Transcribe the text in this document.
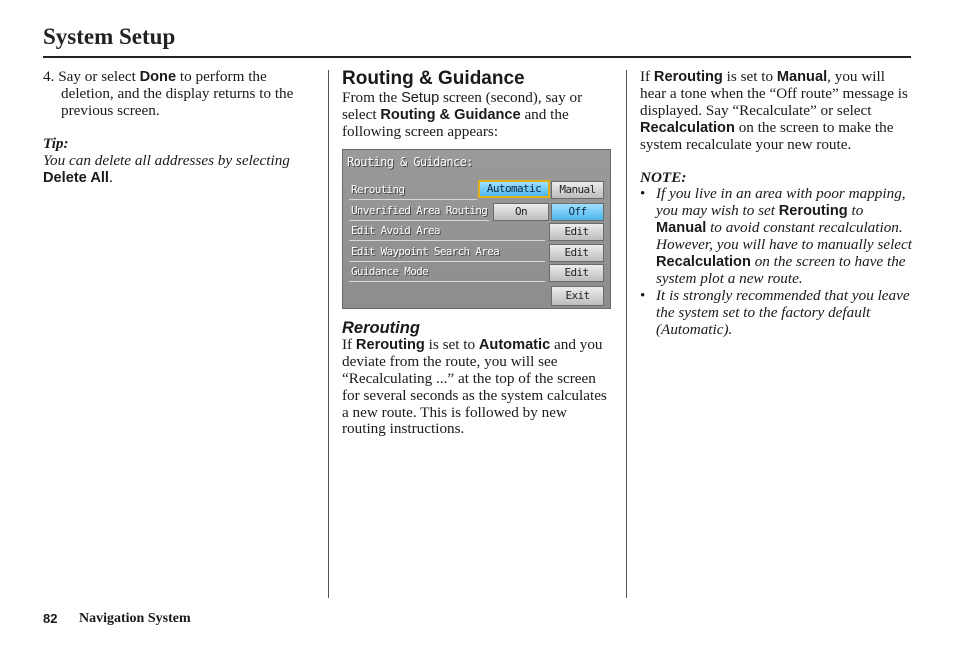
System Setup
4. Say or select Done to perform the deletion, and the display returns to the previous screen.
Tip:
You can delete all addresses by selecting Delete All.
Routing & Guidance
From the Setup screen (second), say or select Routing & Guidance and the following screen appears:
Routing & Guidance:
Rerouting	Automatic	Manual
Unverified Area Routing	On	Off
Edit Avoid Area	Edit
Edit Waypoint Search Area	Edit
Guidance Mode	Edit
Exit
Rerouting
If Rerouting is set to Automatic and you deviate from the route, you will see “Recalculating ...” at the top of the screen for several seconds as the system calculates a new route. This is followed by new routing instructions.
If Rerouting is set to Manual, you will hear a tone when the “Off route” message is displayed. Say “Recalculate” or select Recalculation on the screen to make the system recalculate your new route.
NOTE:
• If you live in an area with poor mapping, you may wish to set Rerouting to Manual to avoid constant recalculation. However, you will have to manually select Recalculation on the screen to have the system plot a new route.
• It is strongly recommended that you leave the system set to the factory default (Automatic).
82 Navigation System
